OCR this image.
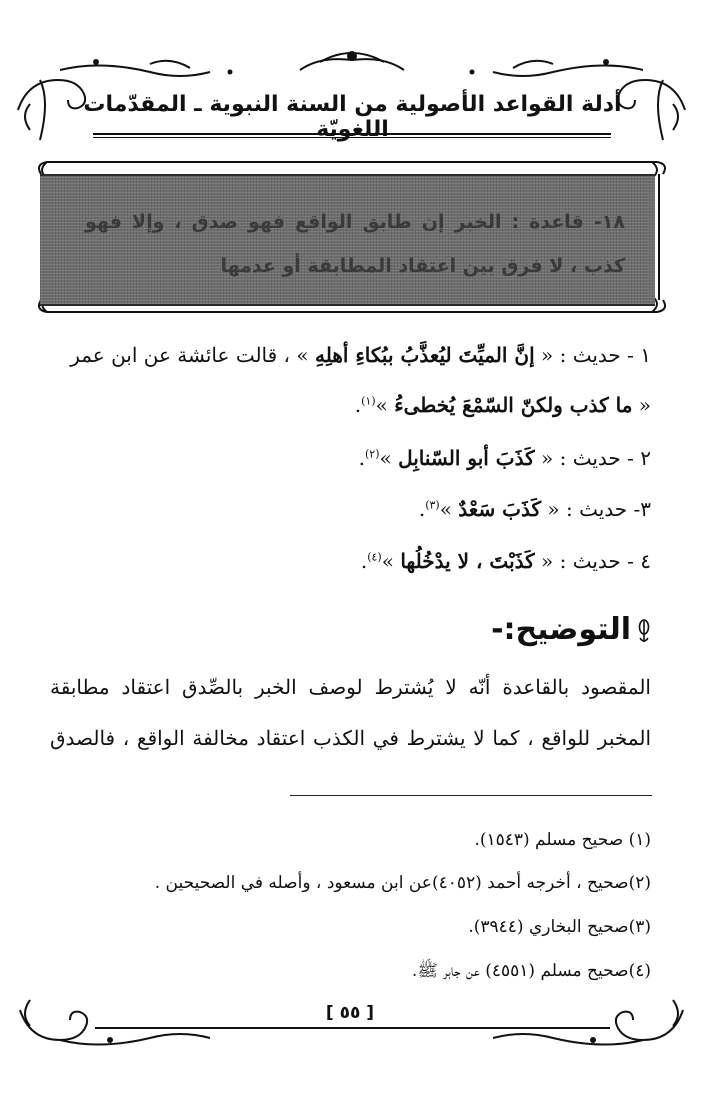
أدلة القواعد الأصولية من السنة النبوية ـ المقدّمات اللغويّة
١٨- قاعدة : الخبر إن طابق الواقع فهو صدق ، وإلا فهو كذب ، لا فرق بين اعتقاد المطابقة أو عدمها
١ - حديث : « إنَّ الميِّتَ ليُعذَّبُ ببُكاءِ أهلِهِ » ، قالت عائشة عن ابن عمر
« ما كذب ولكنّ السّمْعَ يُخطىءُ »$^{(١)}$.
٢ - حديث : « كَذَبَ أبو السّنابِل »$^{(٢)}$.
٣- حديث : « كَذَبَ سَعْدٌ »$^{(٣)}$.
٤ - حديث : « كَذَبْتَ ، لا يدْخُلُها »$^{(٤)}$.
التوضيح:-
المقصود بالقاعدة أنّه لا يُشترط لوصف الخبر بالصِّدق اعتقاد مطابقة
المخبر للواقع ، كما لا يشترط في الكذب اعتقاد مخالفة الواقع ، فالصدق
(١) صحيح مسلم (١٥٤٣).
(٢)صحيح ، أخرجه أحمد (٤٠٥٢)عن ابن مسعود ، وأصله في الصحيحين .
(٣)صحيح البخاري (٣٩٤٤).
(٤)صحيح مسلم (٤٥٥١) عن جابر ﷺ.
[ ٥٥ ]
